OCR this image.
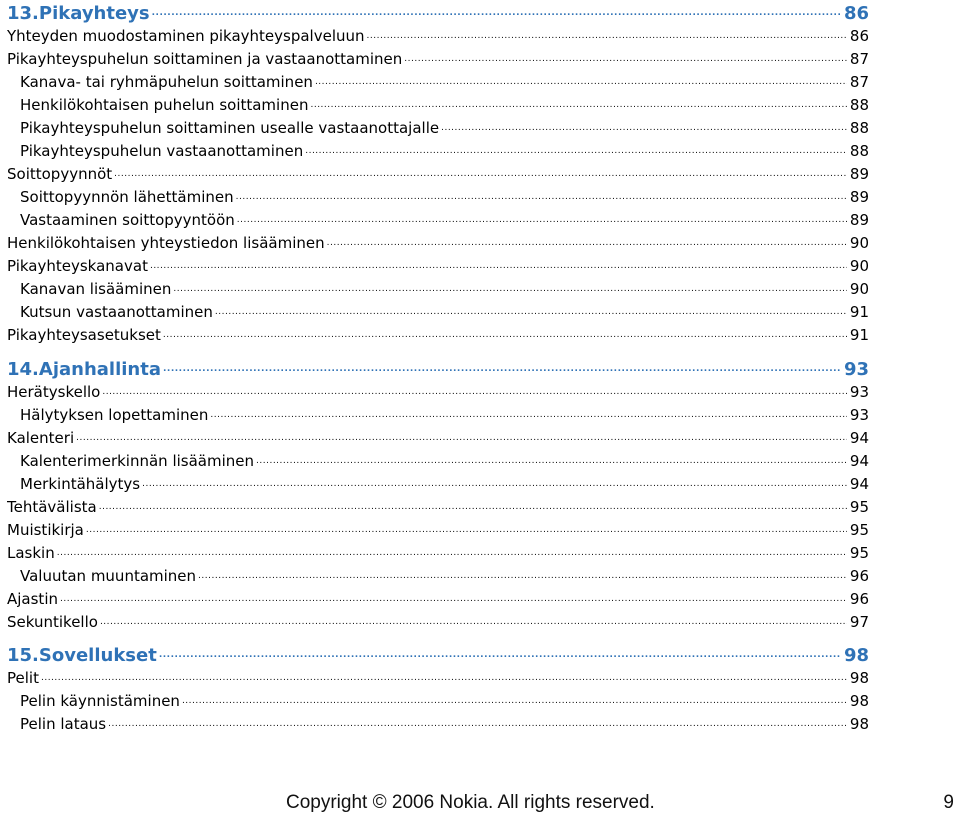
13.Pikayhteys .....	86
Yhteyden muodostaminen pikayhteyspalveluun .....	86
Pikayhteyspuhelun soittaminen ja vastaanottaminen .....	87
Kanava- tai ryhmäpuhelun soittaminen .....	87
Henkilökohtaisen puhelun soittaminen .....	88
Pikayhteyspuhelun soittaminen usealle vastaanottajalle .....	88
Pikayhteyspuhelun vastaanottaminen .....	88
Soittopyynnöt .....	89
Soittopyynnön lähettäminen .....	89
Vastaaminen soittopyyntöön .....	89
Henkilökohtaisen yhteystiedon lisääminen .....	90
Pikayhteyskanavat .....	90
Kanavan lisääminen .....	90
Kutsun vastaanottaminen .....	91
Pikayhteysasetukset .....	91
14.Ajanhallinta .....	93
Herätyskello .....	93
Hälytyksen lopettaminen .....	93
Kalenteri .....	94
Kalenterimerkinnän lisääminen .....	94
Merkintähälytys .....	94
Tehtävälista .....	95
Muistikirja .....	95
Laskin .....	95
Valuutan muuntaminen .....	96
Ajastin .....	96
Sekuntikello .....	97
15.Sovellukset .....	98
Pelit .....	98
Pelin käynnistäminen .....	98
Pelin lataus .....	98
Copyright © 2006 Nokia. All rights reserved.	9
